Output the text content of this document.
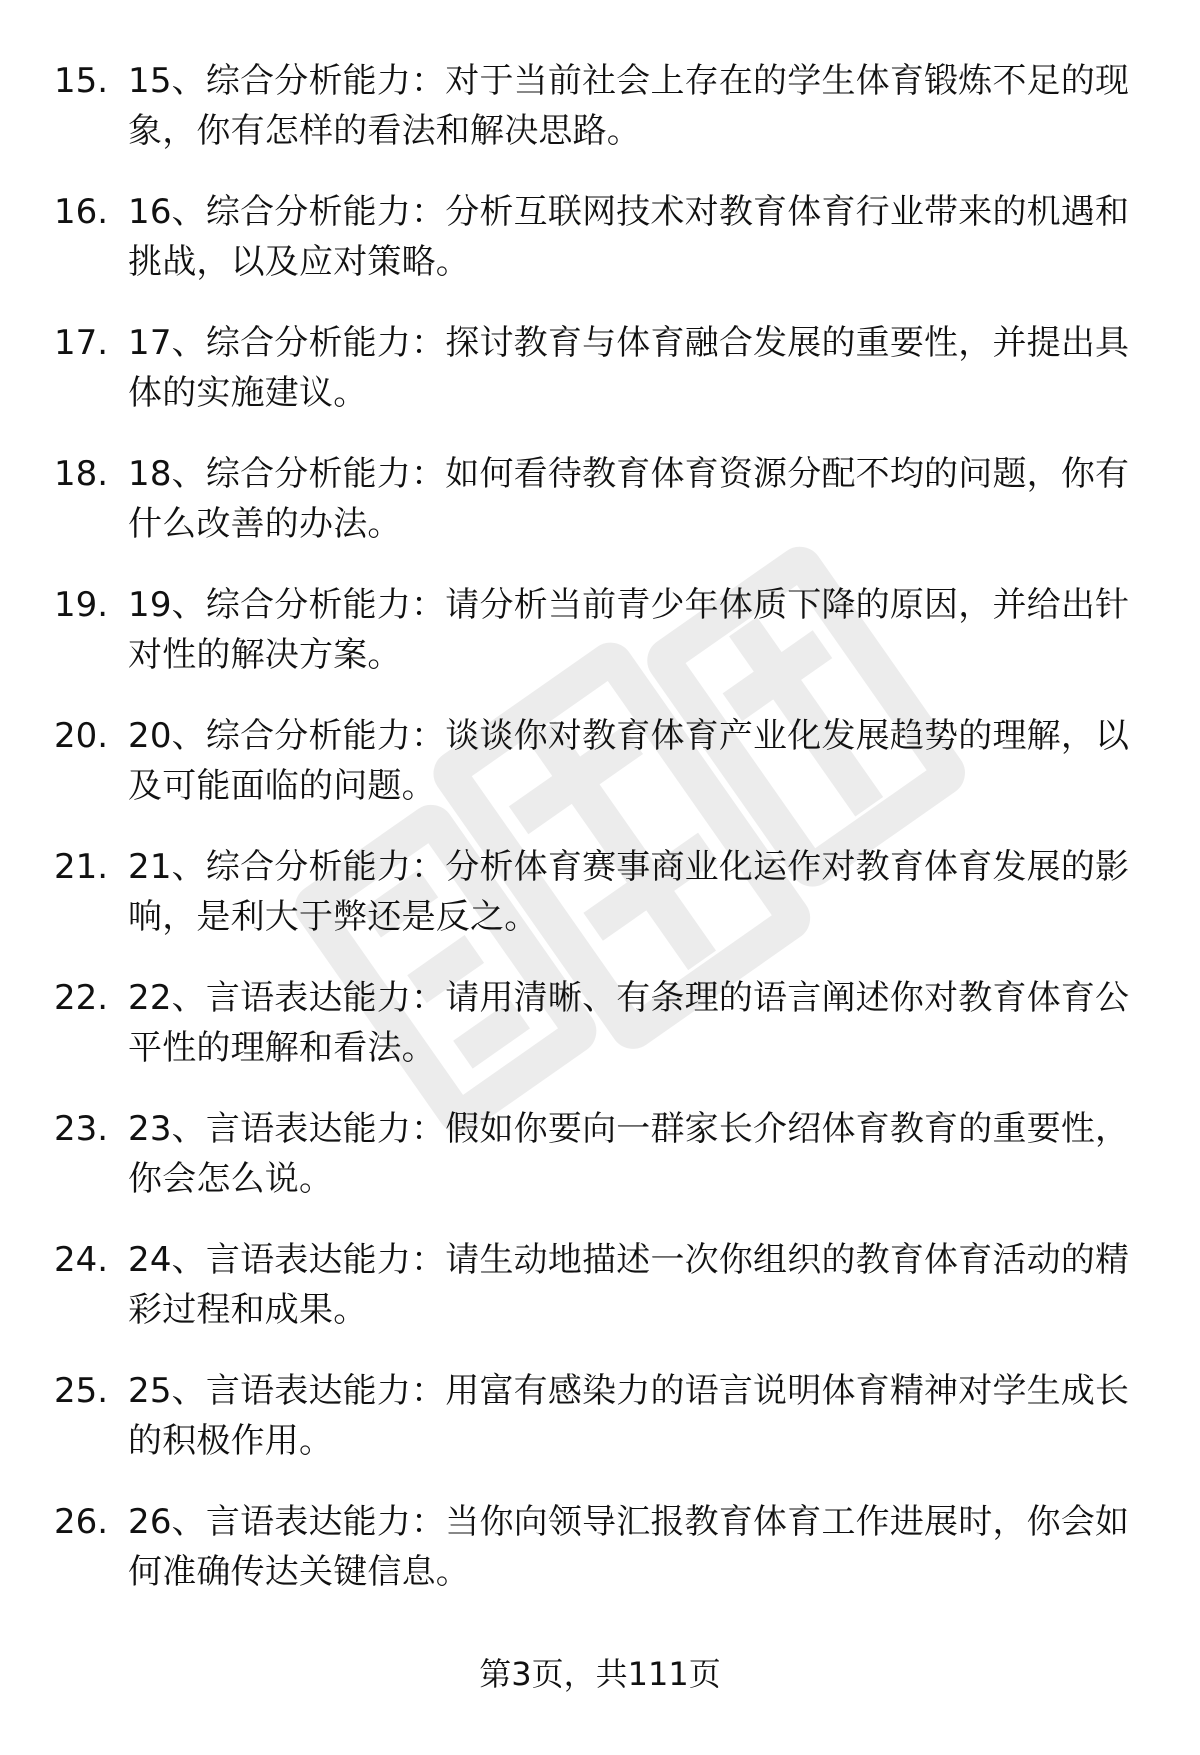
15. 15、综合分析能力：对于当前社会上存在的学生体育锻炼不足的现象，你有怎样的看法和解决思路。
16. 16、综合分析能力：分析互联网技术对教育体育行业带来的机遇和挑战，以及应对策略。
17. 17、综合分析能力：探讨教育与体育融合发展的重要性，并提出具体的实施建议。
18. 18、综合分析能力：如何看待教育体育资源分配不均的问题，你有什么改善的办法。
19. 19、综合分析能力：请分析当前青少年体质下降的原因，并给出针对性的解决方案。
20. 20、综合分析能力：谈谈你对教育体育产业化发展趋势的理解，以及可能面临的问题。
21. 21、综合分析能力：分析体育赛事商业化运作对教育体育发展的影响，是利大于弊还是反之。
22. 22、言语表达能力：请用清晰、有条理的语言阐述你对教育体育公平性的理解和看法。
23. 23、言语表达能力：假如你要向一群家长介绍体育教育的重要性，你会怎么说。
24. 24、言语表达能力：请生动地描述一次你组织的教育体育活动的精彩过程和成果。
25. 25、言语表达能力：用富有感染力的语言说明体育精神对学生成长的积极作用。
26. 26、言语表达能力：当你向领导汇报教育体育工作进展时，你会如何准确传达关键信息。
第3页，共111页
